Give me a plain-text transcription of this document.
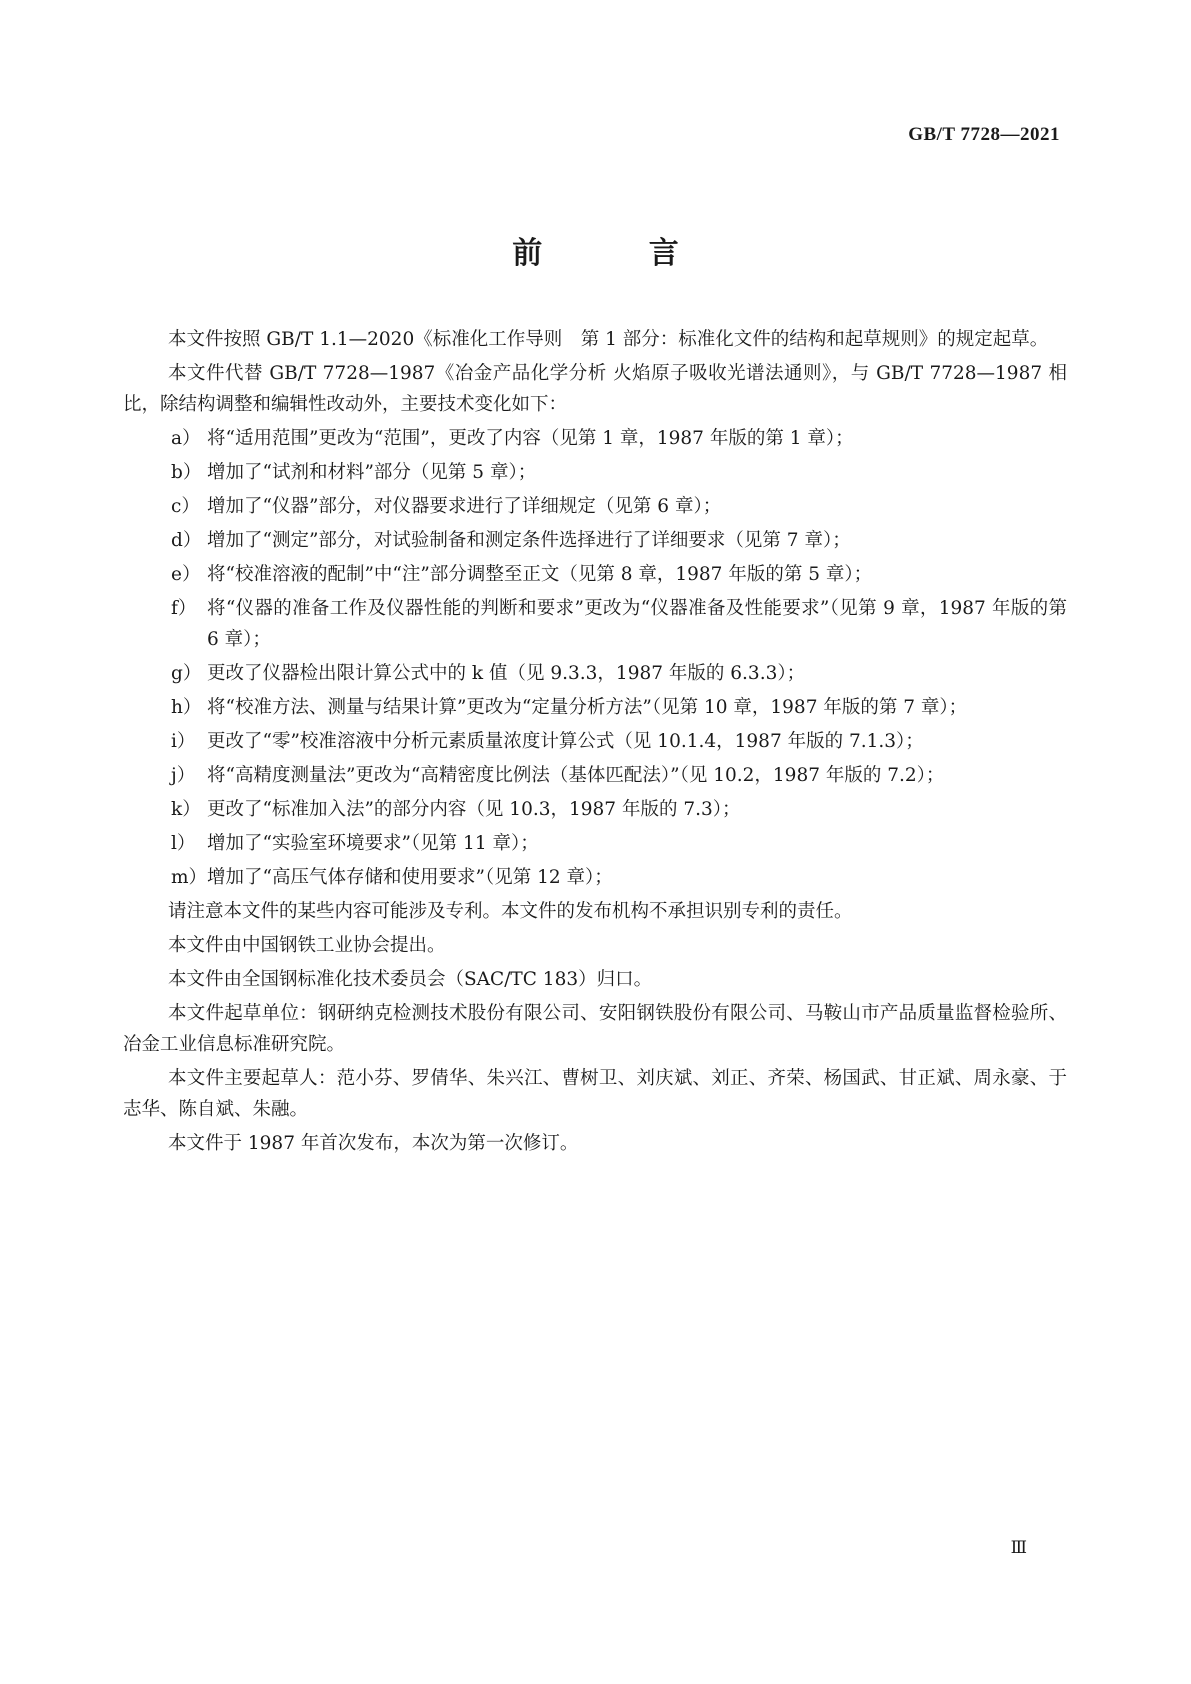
GB/T 7728—2021
前 言

本文件按照 GB/T 1.1—2020《标准化工作导则　第 1 部分：标准化文件的结构和起草规则》的规定起草。

本文件代替 GB/T 7728—1987《冶金产品化学分析 火焰原子吸收光谱法通则》，与 GB/T 7728—1987 相比，除结构调整和编辑性改动外，主要技术变化如下：

a） 将“适用范围”更改为“范围”，更改了内容（见第 1 章，1987 年版的第 1 章）；
b） 增加了“试剂和材料”部分（见第 5 章）；
c） 增加了“仪器”部分，对仪器要求进行了详细规定（见第 6 章）；
d） 增加了“测定”部分，对试验制备和测定条件选择进行了详细要求（见第 7 章）；
e） 将“校准溶液的配制”中“注”部分调整至正文（见第 8 章，1987 年版的第 5 章）；
f） 将“仪器的准备工作及仪器性能的判断和要求”更改为“仪器准备及性能要求”（见第 9 章，1987 年版的第 6 章）；
g） 更改了仪器检出限计算公式中的 k 值（见 9.3.3，1987 年版的 6.3.3）；
h） 将“校准方法、测量与结果计算”更改为“定量分析方法”（见第 10 章，1987 年版的第 7 章）；
i） 更改了“零”校准溶液中分析元素质量浓度计算公式（见 10.1.4，1987 年版的 7.1.3）；
j） 将“高精度测量法”更改为“高精密度比例法（基体匹配法）”（见 10.2，1987 年版的 7.2）；
k） 更改了“标准加入法”的部分内容（见 10.3，1987 年版的 7.3）；
l） 增加了“实验室环境要求”（见第 11 章）；
m） 增加了“高压气体存储和使用要求”（见第 12 章）；

请注意本文件的某些内容可能涉及专利。本文件的发布机构不承担识别专利的责任。

本文件由中国钢铁工业协会提出。

本文件由全国钢标准化技术委员会（SAC/TC 183）归口。

本文件起草单位：钢研纳克检测技术股份有限公司、安阳钢铁股份有限公司、马鞍山市产品质量监督检验所、冶金工业信息标准研究院。

本文件主要起草人：范小芬、罗倩华、朱兴江、曹树卫、刘庆斌、刘正、齐荣、杨国武、甘正斌、周永豪、于志华、陈自斌、朱融。

本文件于 1987 年首次发布，本次为第一次修订。

Ⅲ
